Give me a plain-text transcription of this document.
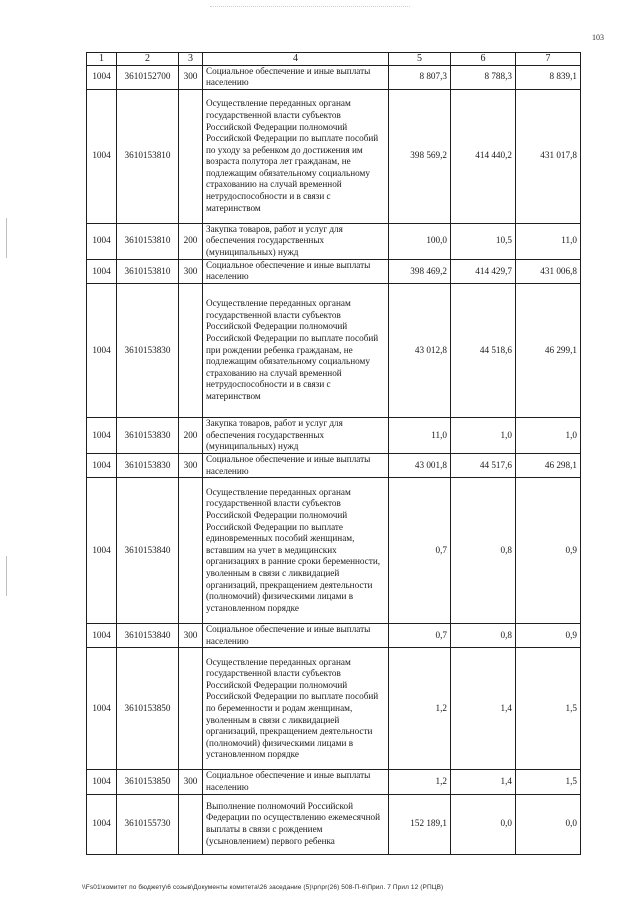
103
1	2	3	4	5	6	7
1004	3610152700	300	Социальное обеспечение и иные выплаты населению	8 807,3	8 788,3	8 839,1
1004	3610153810		Осуществление переданных органам государственной власти субъектов Российской Федерации полномочий Российской Федерации по выплате пособий по уходу за ребенком до достижения им возраста полутора лет гражданам, не подлежащим обязательному социальному страхованию на случай временной нетрудоспособности и в связи с материнством	398 569,2	414 440,2	431 017,8
1004	3610153810	200	Закупка товаров, работ и услуг для обеспечения государственных (муниципальных) нужд	100,0	10,5	11,0
1004	3610153810	300	Социальное обеспечение и иные выплаты населению	398 469,2	414 429,7	431 006,8
1004	3610153830		Осуществление переданных органам государственной власти субъектов Российской Федерации полномочий Российской Федерации по выплате пособий при рождении ребенка гражданам, не подлежащим обязательному социальному страхованию на случай временной нетрудоспособности и в связи с материнством	43 012,8	44 518,6	46 299,1
1004	3610153830	200	Закупка товаров, работ и услуг для обеспечения государственных (муниципальных) нужд	11,0	1,0	1,0
1004	3610153830	300	Социальное обеспечение и иные выплаты населению	43 001,8	44 517,6	46 298,1
1004	3610153840		Осуществление переданных органам государственной власти субъектов Российской Федерации полномочий Российской Федерации по выплате единовременных пособий женщинам, вставшим на учет в медицинских организациях в ранние сроки беременности, уволенным в связи с ликвидацией организаций, прекращением деятельности (полномочий) физическими лицами в установленном порядке	0,7	0,8	0,9
1004	3610153840	300	Социальное обеспечение и иные выплаты населению	0,7	0,8	0,9
1004	3610153850		Осуществление переданных органам государственной власти субъектов Российской Федерации полномочий Российской Федерации по выплате пособий по беременности и родам женщинам, уволенным в связи с ликвидацией организаций, прекращением деятельности (полномочий) физическими лицами в установленном порядке	1,2	1,4	1,5
1004	3610153850	300	Социальное обеспечение и иные выплаты населению	1,2	1,4	1,5
1004	3610155730		Выполнение полномочий Российской Федерации по осуществлению ежемесячной выплаты в связи с рождением (усыновлением) первого ребенка	152 189,1	0,0	0,0
\\Fs01\комитет по бюджету\6 созыв\Документы комитета\26 заседание (5)\pr\pr(26) 508-П-6\Прил. 7 Прил 12 (РПЦВ)
